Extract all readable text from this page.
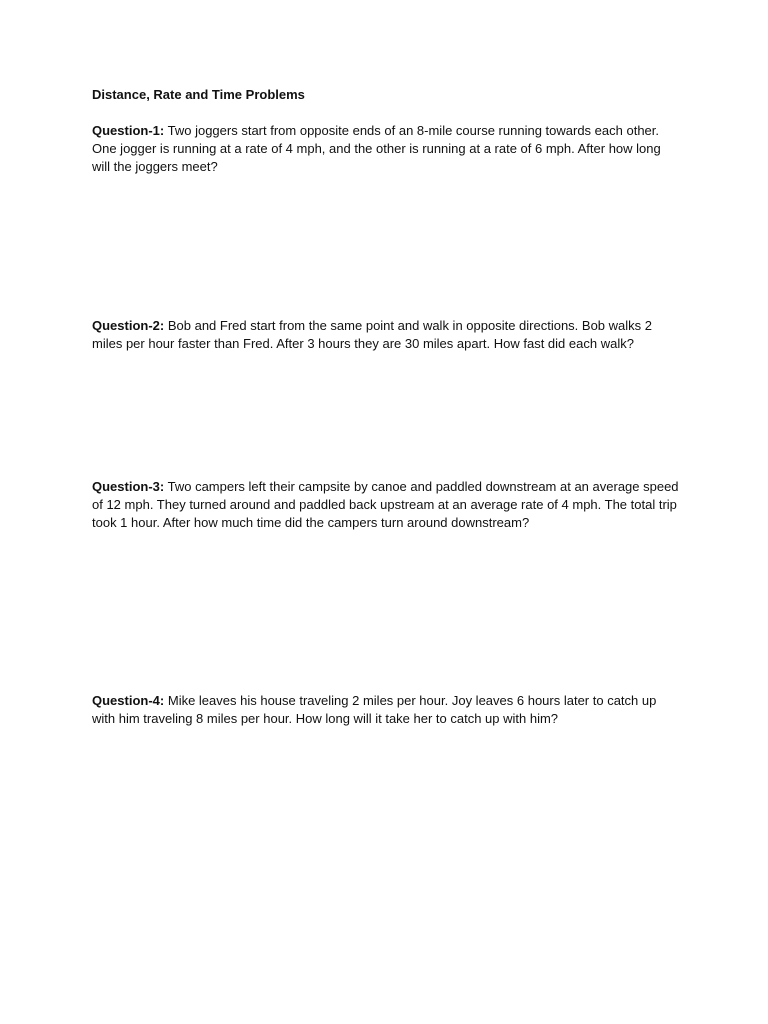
Distance, Rate and Time Problems

Question-1: Two joggers start from opposite ends of an 8-mile course running towards each other. One jogger is running at a rate of 4 mph, and the other is running at a rate of 6 mph. After how long will the joggers meet?

Question-2: Bob and Fred start from the same point and walk in opposite directions. Bob walks 2 miles per hour faster than Fred. After 3 hours they are 30 miles apart. How fast did each walk?

Question-3: Two campers left their campsite by canoe and paddled downstream at an average speed of 12 mph. They turned around and paddled back upstream at an average rate of 4 mph. The total trip took 1 hour. After how much time did the campers turn around downstream?

Question-4: Mike leaves his house traveling 2 miles per hour. Joy leaves 6 hours later to catch up with him traveling 8 miles per hour. How long will it take her to catch up with him?
